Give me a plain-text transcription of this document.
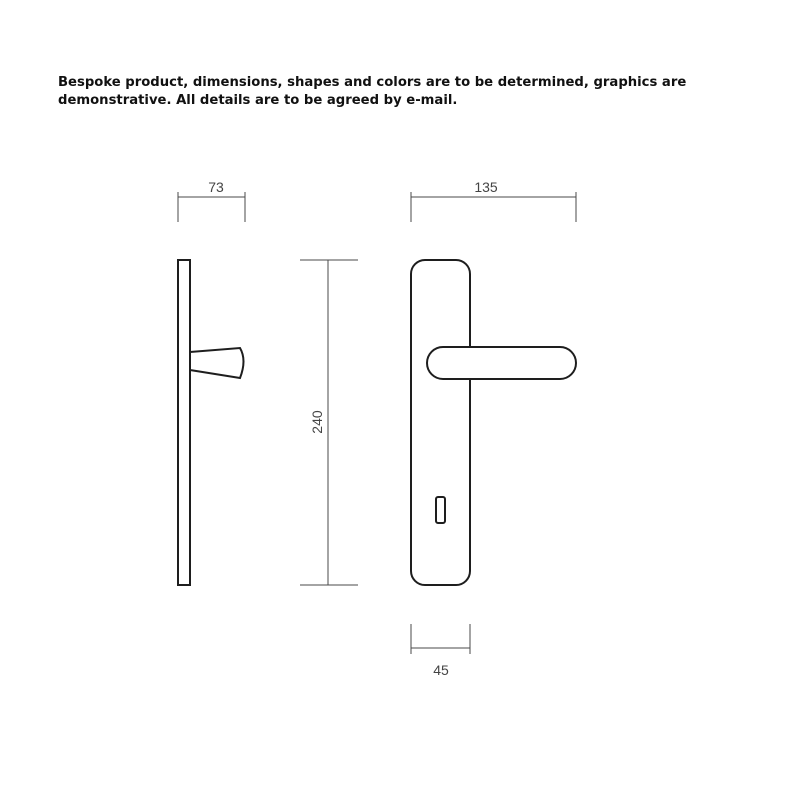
Bespoke product, dimensions, shapes and colors are to be determined, graphics are
demonstrative. All details are to be agreed by e-mail.

73
240
135
45
